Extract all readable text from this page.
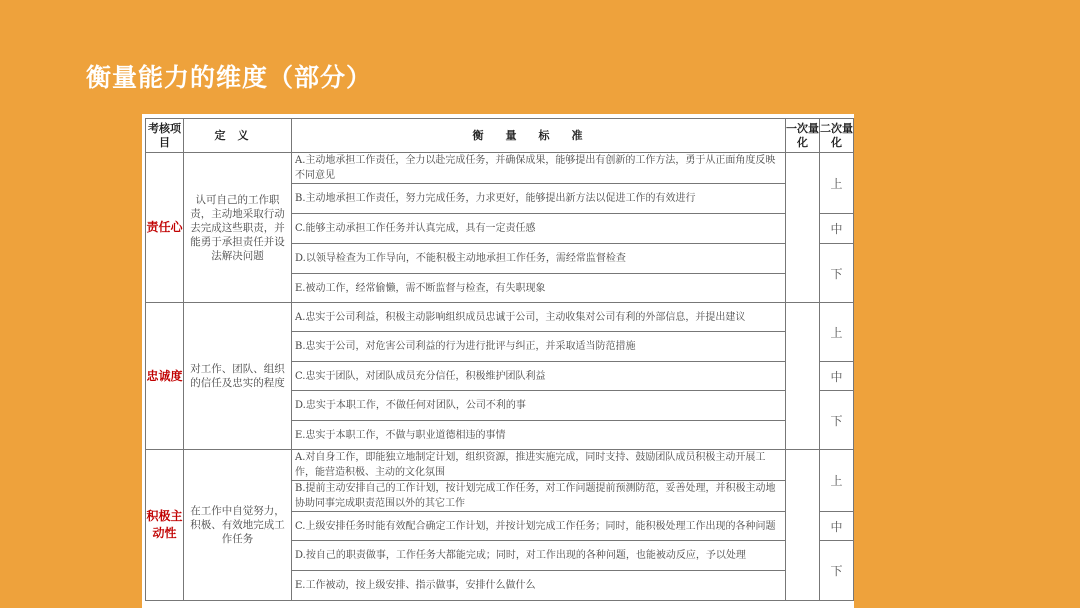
衡量能力的维度（部分）
考核项目	定义	衡量标准	一次量化	二次量化
责任心	认可自己的工作职责，主动地采取行动去完成这些职责，并能勇于承担责任并设法解决问题	A.主动地承担工作责任，全力以赴完成任务，并确保成果，能够提出有创新的工作方法，勇于从正面角度反映不同意见		上
		B.主动地承担工作责任，努力完成任务，力求更好，能够提出新方法以促进工作的有效进行		
		C.能够主动承担工作任务并认真完成，具有一定责任感		中
		D.以领导检查为工作导向，不能积极主动地承担工作任务，需经常监督检查		下
		E.被动工作，经常偷懒，需不断监督与检查，有失职现象		
忠诚度	对工作、团队、组织的信任及忠实的程度	A.忠实于公司利益，积极主动影响组织成员忠诚于公司，主动收集对公司有利的外部信息，并提出建议		上
		B.忠实于公司，对危害公司利益的行为进行批评与纠正，并采取适当防范措施		
		C.忠实于团队，对团队成员充分信任，积极维护团队利益		中
		D.忠实于本职工作，不做任何对团队，公司不利的事		下
		E.忠实于本职工作，不做与职业道德相违的事情		
积极主动性	在工作中自觉努力，积极、有效地完成工作任务	A.对自身工作，即能独立地制定计划，组织资源，推进实施完成，同时支持、鼓励团队成员积极主动开展工作，能营造积极、主动的文化氛围		上
		B.提前主动安排自己的工作计划，按计划完成工作任务，对工作问题提前预测防范，妥善处理，并积极主动地协助同事完成职责范围以外的其它工作		
		C.上级安排任务时能有效配合确定工作计划，并按计划完成工作任务；同时，能积极处理工作出现的各种问题		中
		D.按自己的职责做事，工作任务大都能完成；同时，对工作出现的各种问题，也能被动反应，予以处理		下
		E.工作被动，按上级安排、指示做事，安排什么做什么		
